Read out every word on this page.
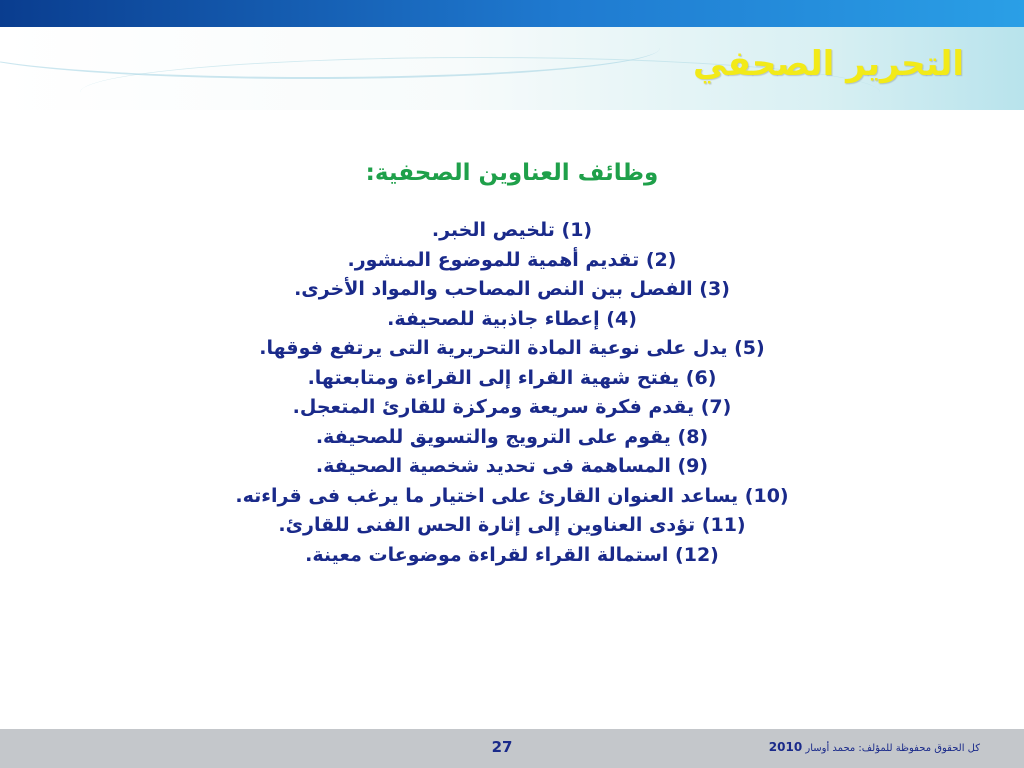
التحرير الصحفي
وظائف العناوين الصحفية:
(1) تلخيص الخبر.
(2) تقديم أهمية للموضوع المنشور.
(3) الفصل بين النص المصاحب والمواد الأخرى.
(4) إعطاء جاذبية للصحيفة.
(5) يدل على نوعية المادة التحريرية التى يرتفع فوقها.
(6) يفتح شهية القراء إلى القراءة ومتابعتها.
(7) يقدم فكرة سريعة ومركزة للقارئ المتعجل.
(8) يقوم على الترويج والتسويق للصحيفة.
(9) المساهمة فى تحديد شخصية الصحيفة.
(10) يساعد العنوان القارئ على اختيار ما يرغب فى قراءته.
(11) تؤدى العناوين إلى إثارة الحس الفنى للقارئ.
(12) استمالة القراء لقراءة موضوعات معينة.
27	كل الحقوق محفوظة للمؤلف: محمد أوسار 2010
